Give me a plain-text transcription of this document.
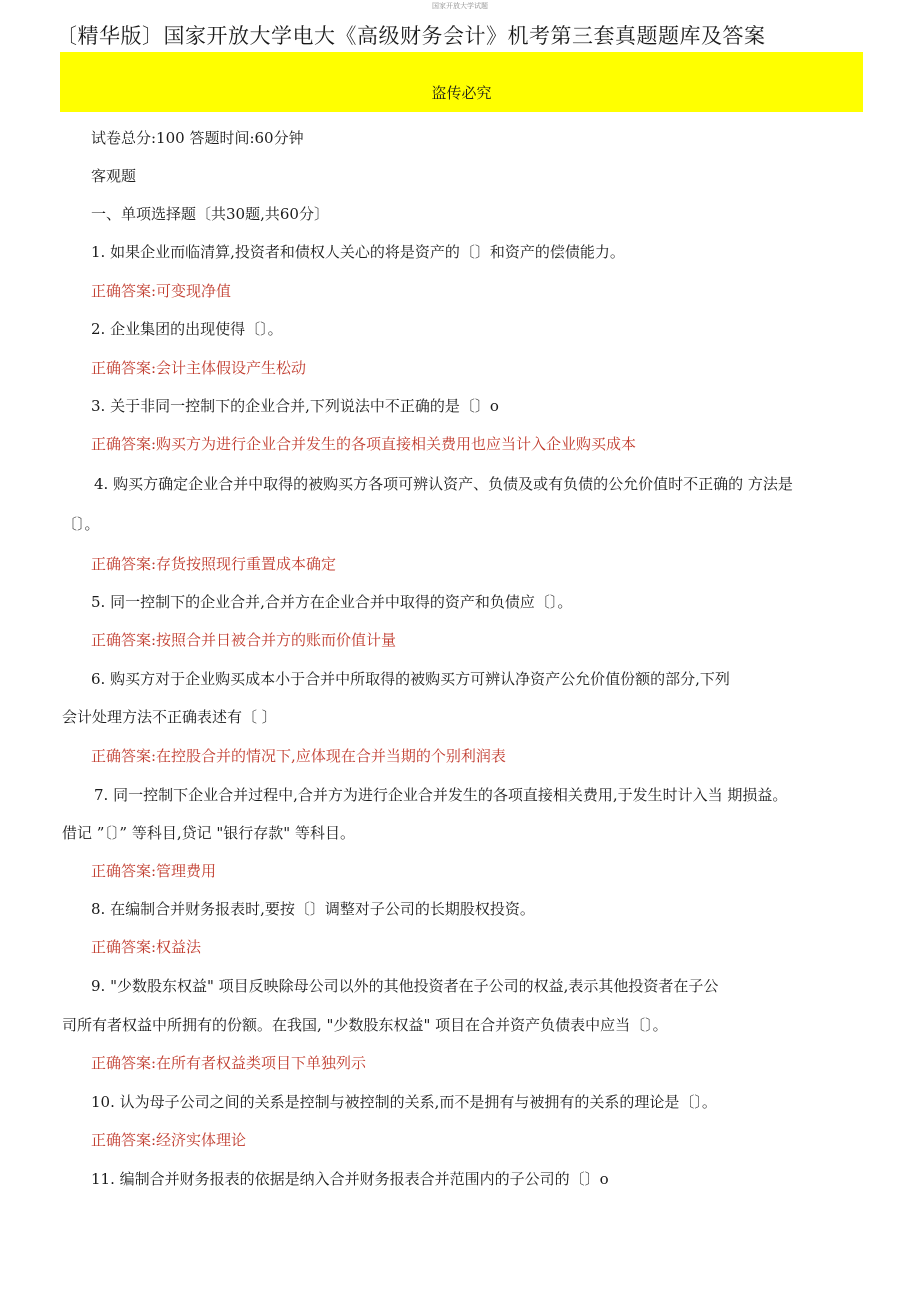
国家开放大学试题
〔精华版〕国家开放大学电大《高级财务会计》机考第三套真题题库及答案
盗传必究
试卷总分:100 答题时间:60分钟
客观题
一、单项选择题〔共30题,共60分〕
1. 如果企业而临清算,投资者和债权人关心的将是资产的〔〕和资产的偿债能力。
正确答案:可变现净值
2. 企业集团的出现使得〔〕。
正确答案:会计主体假设产生松动
3. 关于非同一控制下的企业合并,下列说法中不正确的是〔〕o
正确答案:购买方为进行企业合并发生的各项直接相关费用也应当计入企业购买成本
4. 购买方确定企业合并中取得的被购买方各项可辨认资产、负债及或有负债的公允价值时不正确的 方法是
〔〕。
正确答案:存货按照现行重置成本确定
5. 同一控制下的企业合并,合并方在企业合并中取得的资产和负债应〔〕。
正确答案:按照合并日被合并方的账而价值计量
6. 购买方对于企业购买成本小于合并中所取得的被购买方可辨认净资产公允价值份额的部分,下列
会计处理方法不正确表述有〔 〕
正确答案:在控股合并的情况下,应体现在合并当期的个别利润表
7. 同一控制下企业合并过程中,合并方为进行企业合并发生的各项直接相关费用,于发生时计入当 期损益。
借记 ”〔〕” 等科目,贷记 "银行存款" 等科目。
正确答案:管理费用
8. 在编制合并财务报表时,要按〔〕调整对子公司的长期股权投资。
正确答案:权益法
9. "少数股东权益" 项目反映除母公司以外的其他投资者在子公司的权益,表示其他投资者在子公
司所有者权益中所拥有的份额。在我国, "少数股东权益" 项目在合并资产负债表中应当〔〕。
正确答案:在所有者权益类项目下单独列示
10. 认为母子公司之间的关系是控制与被控制的关系,而不是拥有与被拥有的关系的理论是〔〕。
正确答案:经济实体理论
11. 编制合并财务报表的依据是纳入合并财务报表合并范围内的子公司的〔〕o
